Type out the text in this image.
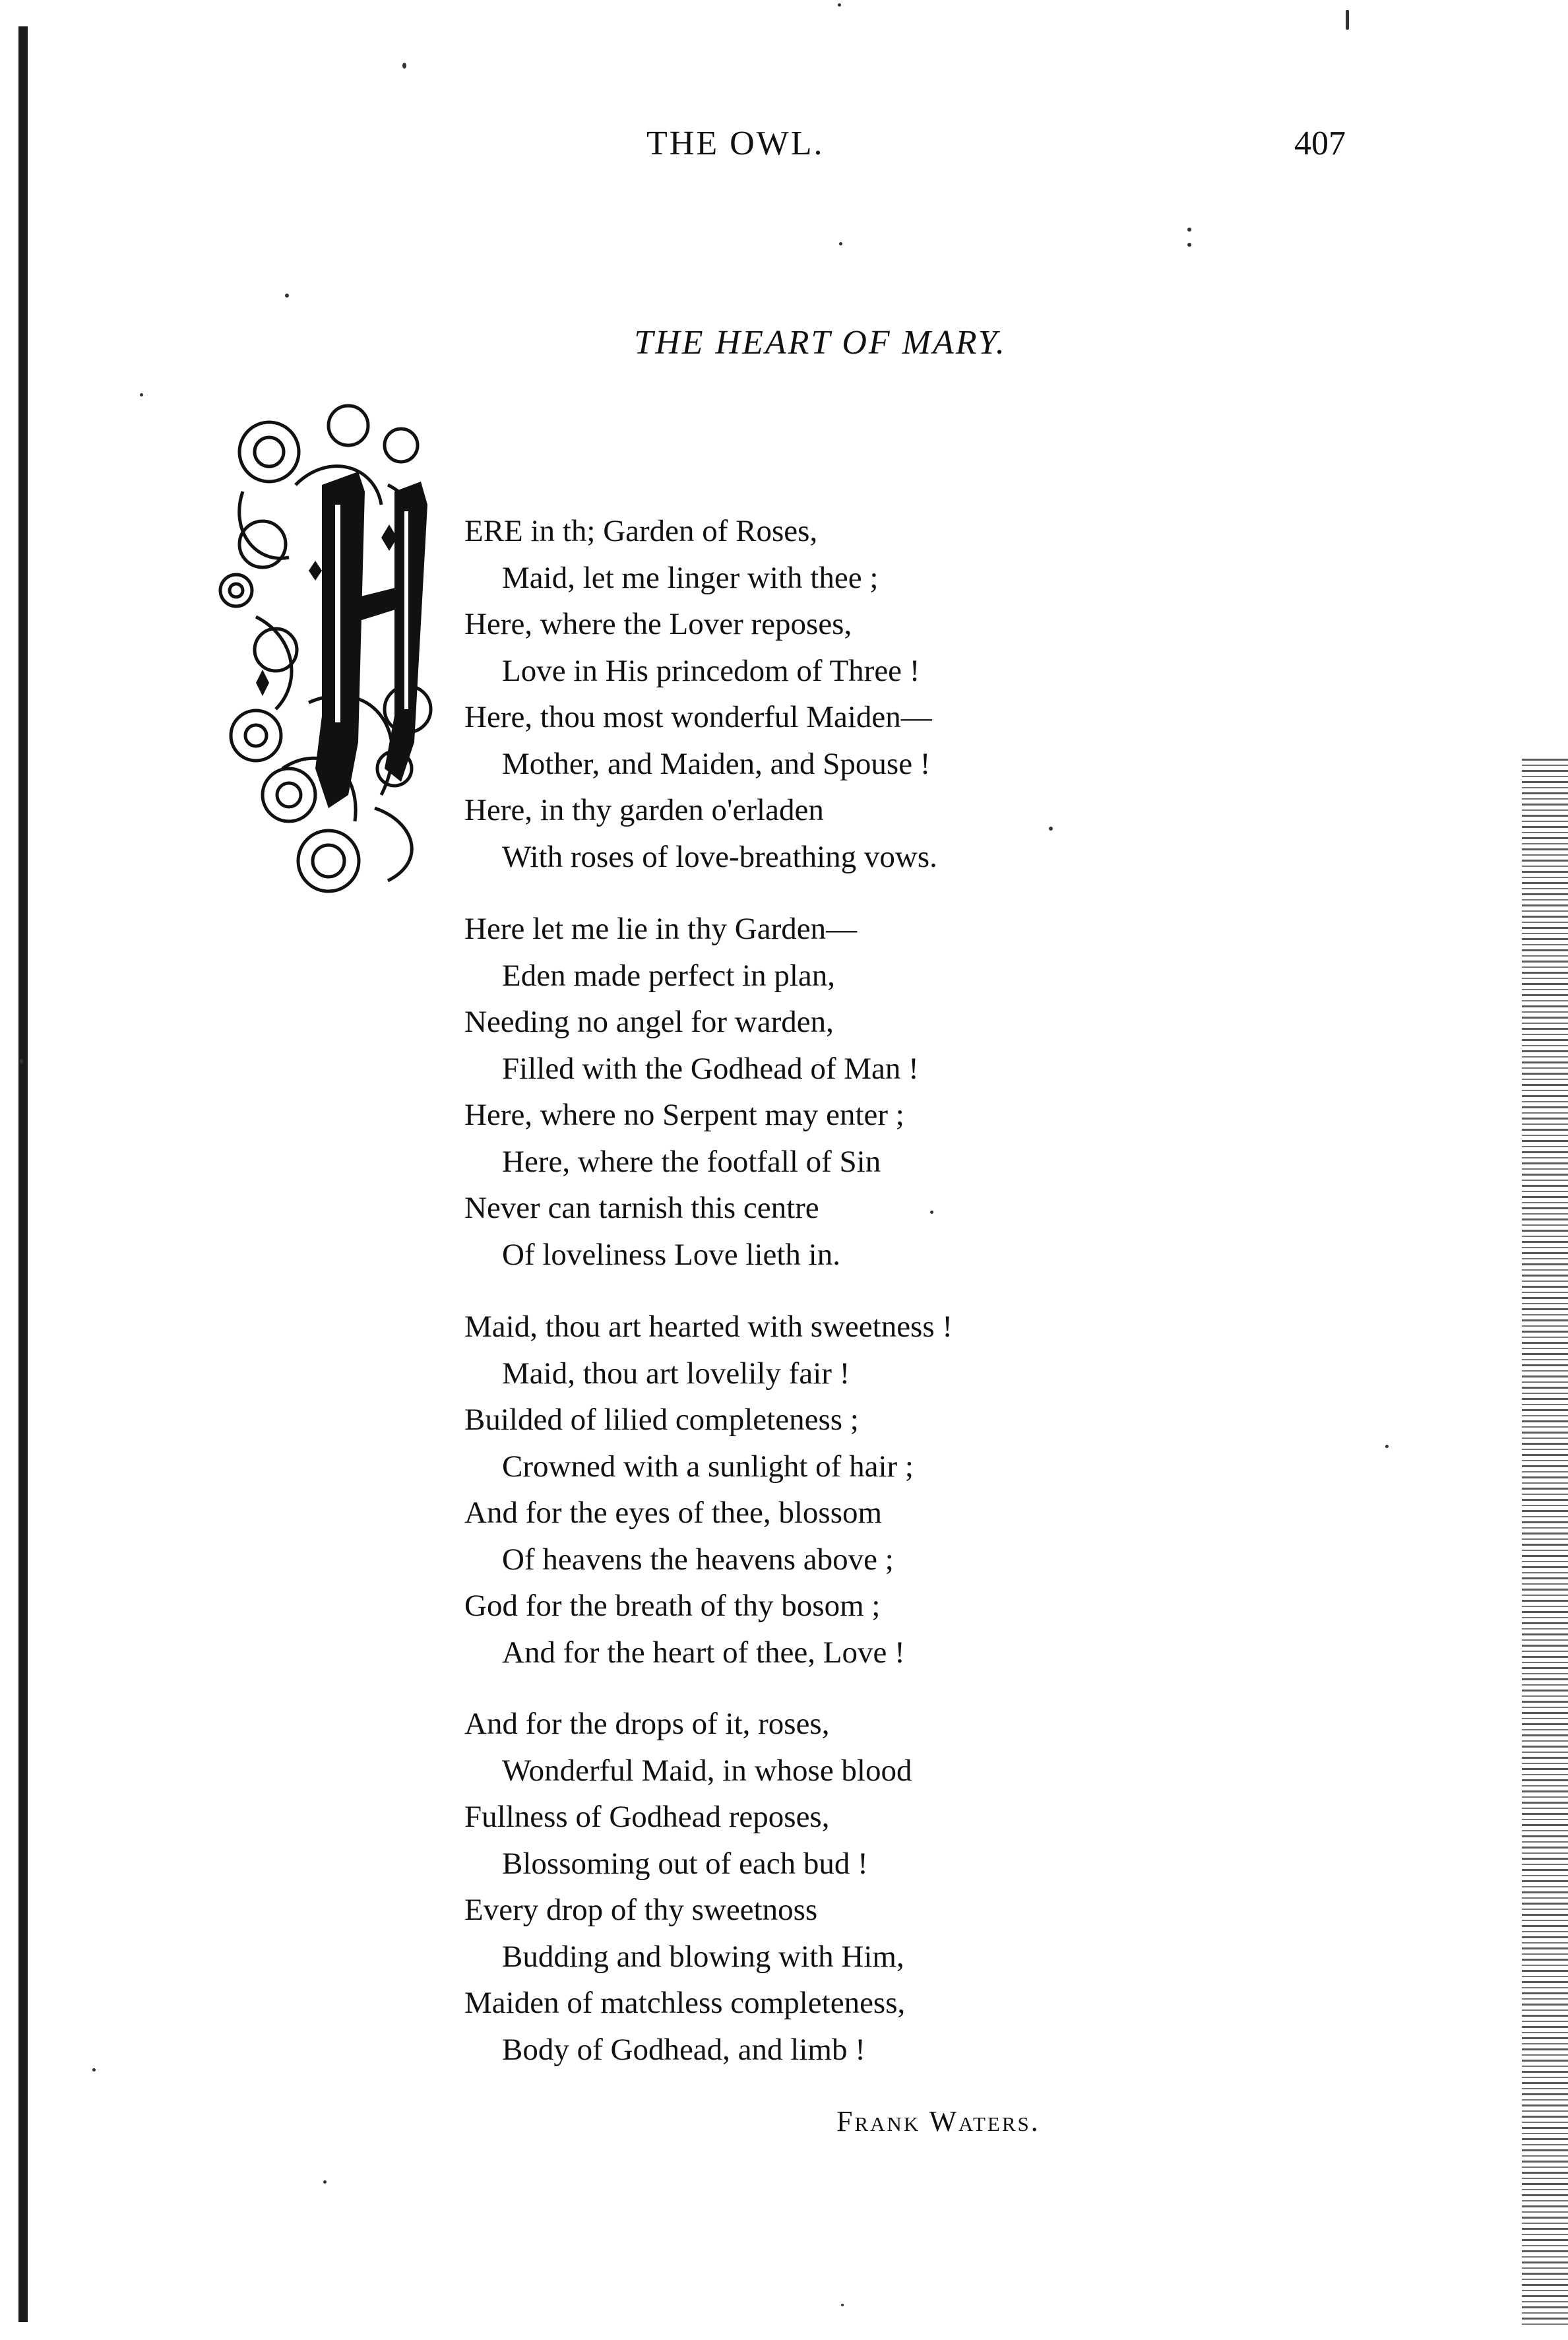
THE OWL.	407
THE HEART OF MARY.
ERE in th; Garden of Roses,
Maid, let me linger with thee ;
Here, where the Lover reposes,
Love in His princedom of Three !
Here, thou most wonderful Maiden—
Mother, and Maiden, and Spouse !
Here, in thy garden o'erladen
With roses of love-breathing vows.
Here let me lie in thy Garden—
Eden made perfect in plan,
Needing no angel for warden,
Filled with the Godhead of Man !
Here, where no Serpent may enter ;
Here, where the footfall of Sin
Never can tarnish this centre
Of loveliness Love lieth in.
Maid, thou art hearted with sweetness !
Maid, thou art lovelily fair !
Builded of lilied completeness ;
Crowned with a sunlight of hair ;
And for the eyes of thee, blossom
Of heavens the heavens above ;
God for the breath of thy bosom ;
And for the heart of thee, Love !
And for the drops of it, roses,
Wonderful Maid, in whose blood
Fullness of Godhead reposes,
Blossoming out of each bud !
Every drop of thy sweetnoss
Budding and blowing with Him,
Maiden of matchless completeness,
Body of Godhead, and limb !
Frank Waters.
